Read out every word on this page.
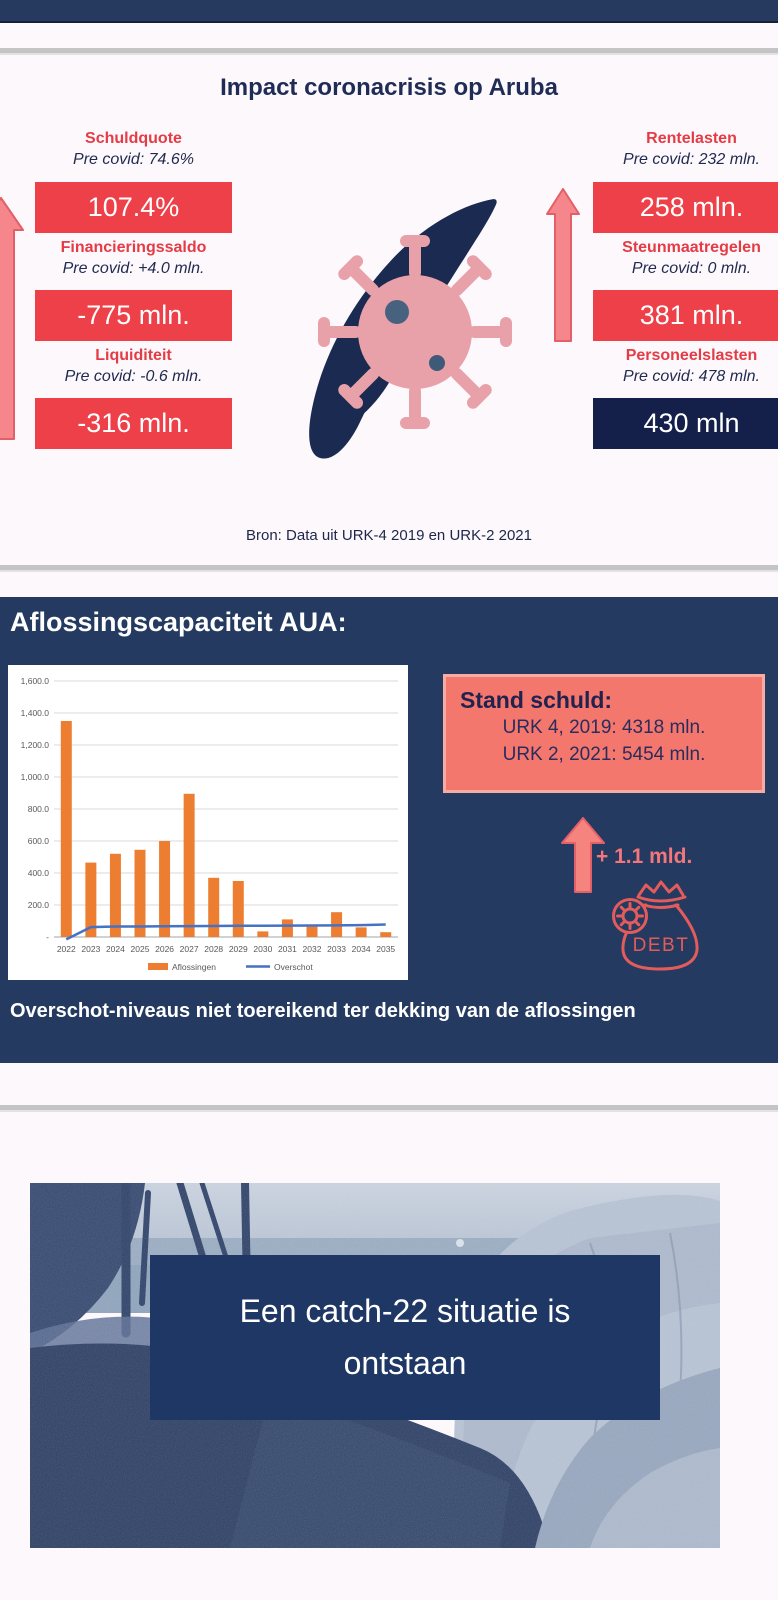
Impact coronacrisis op Aruba
Schuldquote
Pre covid: 74.6%
107.4%
Financieringssaldo
Pre covid: +4.0 mln.
-775 mln.
Liquiditeit
Pre covid: -0.6 mln.
-316 mln.
Rentelasten
Pre covid: 232 mln.
258 mln.
Steunmaatregelen
Pre covid: 0 mln.
381 mln.
Personeelslasten
Pre covid: 478 mln.
430 mln
Bron: Data uit URK-4 2019 en URK-2 2021
Aflossingscapaciteit AUA:
1,600.0
1,400.0
1,200.0
1,000.0
800.0
600.0
400.0
200.0
-
2022 2023 2024 2025 2026 2027 2028 2029 2030 2031 2032 2033 2034 2035
Aflossingen	Overschot
Stand schuld:
URK 4, 2019: 4318 mln.
URK 2, 2021: 5454 mln.
+ 1.1 mld.
DEBT
Overschot-niveaus niet toereikend ter dekking van de aflossingen
Een catch-22 situatie is
ontstaan
